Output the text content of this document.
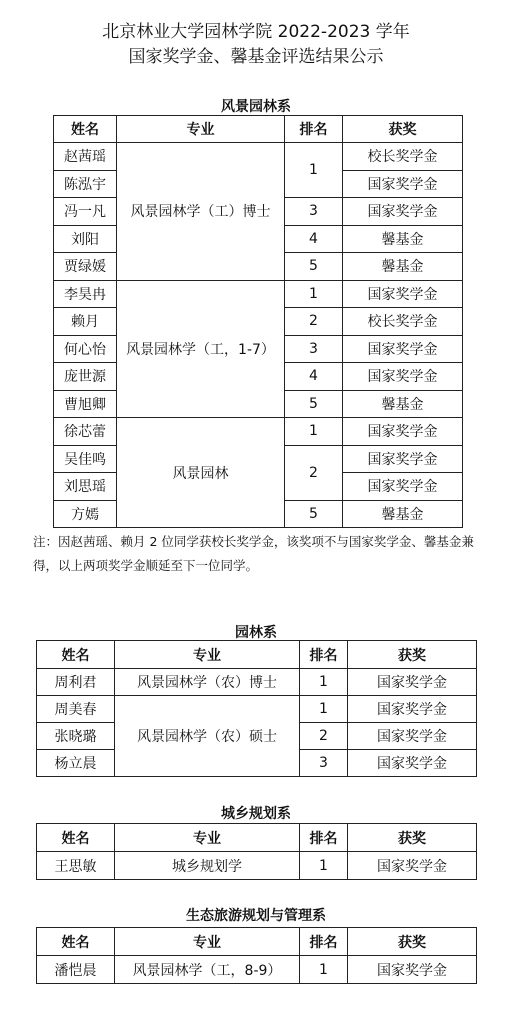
北京林业大学园林学院 2022-2023 学年
国家奖学金、馨基金评选结果公示
风景园林系
姓名	专业	排名	获奖
赵茜瑶	风景园林学（工）博士	1	校长奖学金
陈泓宇			国家奖学金
冯一凡		3	国家奖学金
刘阳		4	馨基金
贾绿媛		5	馨基金
李昊冉	风景园林学（工，1-7）	1	国家奖学金
赖月		2	校长奖学金
何心怡		3	国家奖学金
庞世源		4	国家奖学金
曹旭卿		5	馨基金
徐芯蕾	风景园林	1	国家奖学金
吴佳鸣		2	国家奖学金
刘思瑶			国家奖学金
方嫣		5	馨基金
注：因赵茜瑶、赖月 2 位同学获校长奖学金，该奖项不与国家奖学金、馨基金兼得，以上两项奖学金顺延至下一位同学。
园林系
姓名	专业	排名	获奖
周利君	风景园林学（农）博士	1	国家奖学金
周美春	风景园林学（农）硕士	1	国家奖学金
张晓璐		2	国家奖学金
杨立晨		3	国家奖学金
城乡规划系
姓名	专业	排名	获奖
王思敏	城乡规划学	1	国家奖学金
生态旅游规划与管理系
姓名	专业	排名	获奖
潘恺晨	风景园林学（工，8-9）	1	国家奖学金
